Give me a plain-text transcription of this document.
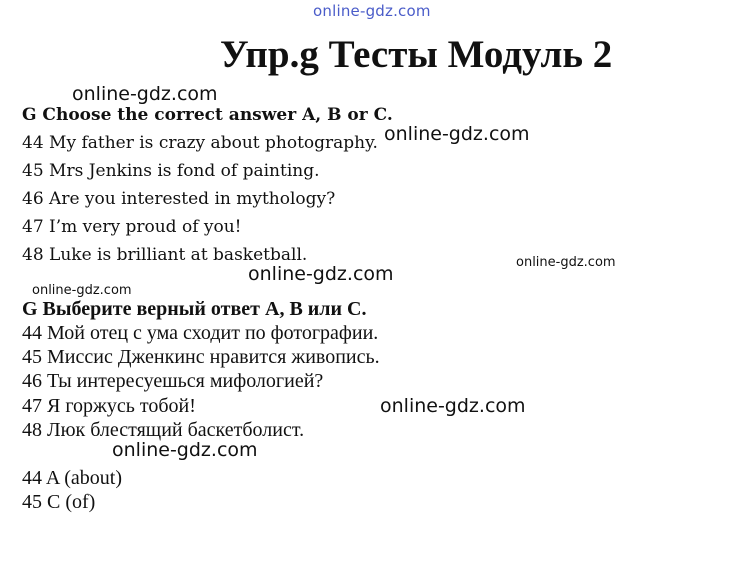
online-gdz.com
Упр.g Тесты Модуль 2
online-gdz.com
G Choose the correct answer A, B or C.
44 My father is crazy about photography. online-gdz.com
45 Mrs Jenkins is fond of painting.
46 Are you interested in mythology?
47 I’m very proud of you!
48 Luke is brilliant at basketball.
online-gdz.com
online-gdz.com
online-gdz.com
G Выберите верный ответ А, В или С.
44 Мой отец с ума сходит по фотографии.
45 Миссис Дженкинс нравится живопись.
46 Ты интересуешься мифологией?
47 Я горжусь тобой!	online-gdz.com
48 Люк блестящий баскетболист.
online-gdz.com
44 A (about)
45 C (of)
